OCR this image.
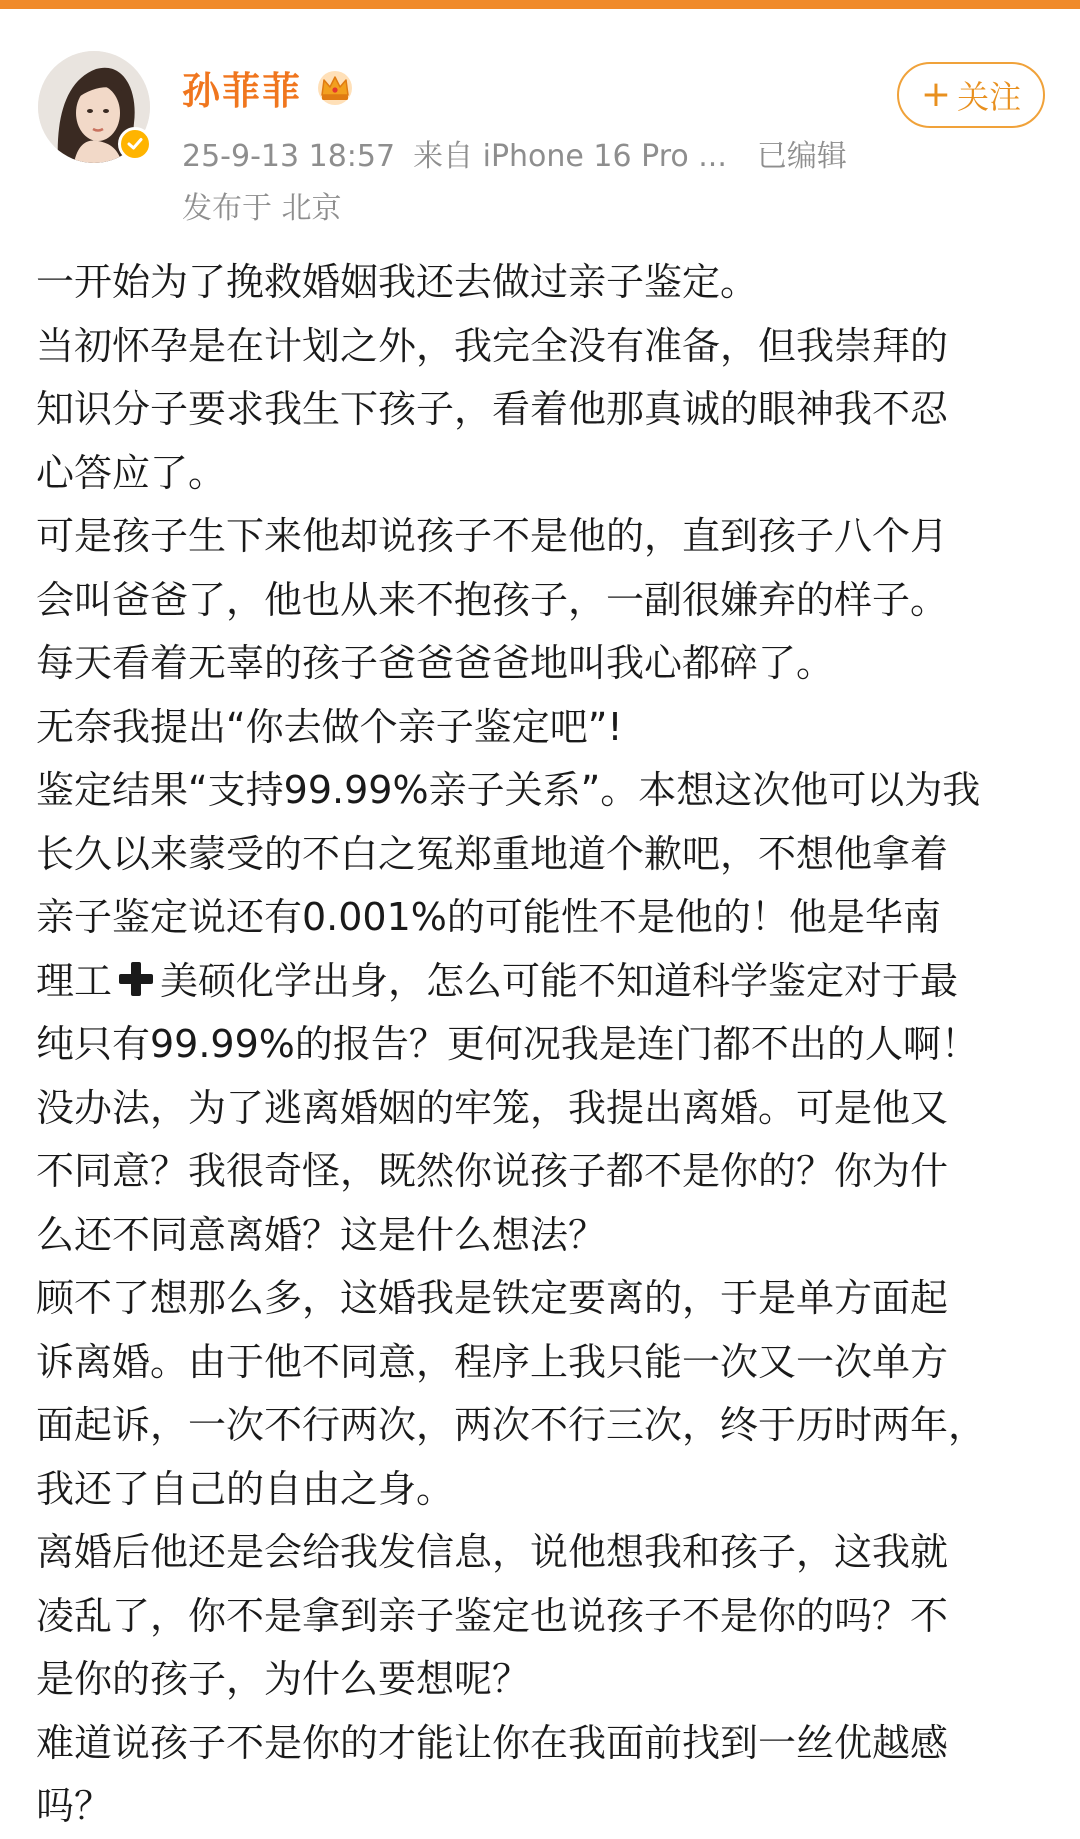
孙菲菲
25-9-13 18:57 来自 iPhone 16 Pro ... 已编辑
发布于 北京
+ 关注
一开始为了挽救婚姻我还去做过亲子鉴定。
当初怀孕是在计划之外，我完全没有准备，但我崇拜的
知识分子要求我生下孩子，看着他那真诚的眼神我不忍
心答应了。
可是孩子生下来他却说孩子不是他的，直到孩子八个月
会叫爸爸了，他也从来不抱孩子，一副很嫌弃的样子。
每天看着无辜的孩子爸爸爸爸地叫我心都碎了。
无奈我提出“你去做个亲子鉴定吧”!
鉴定结果“支持99.99%亲子关系”。本想这次他可以为我
长久以来蒙受的不白之冤郑重地道个歉吧，不想他拿着
亲子鉴定说还有0.001%的可能性不是他的！他是华南
理工 美硕化学出身，怎么可能不知道科学鉴定对于最
纯只有99.99%的报告？更何况我是连门都不出的人啊！
没办法，为了逃离婚姻的牢笼，我提出离婚。可是他又
不同意？我很奇怪，既然你说孩子都不是你的？你为什
么还不同意离婚？这是什么想法？
顾不了想那么多，这婚我是铁定要离的，于是单方面起
诉离婚。由于他不同意，程序上我只能一次又一次单方
面起诉，一次不行两次，两次不行三次，终于历时两年，
我还了自己的自由之身。
离婚后他还是会给我发信息，说他想我和孩子，这我就
凌乱了，你不是拿到亲子鉴定也说孩子不是你的吗？不
是你的孩子，为什么要想呢？
难道说孩子不是你的才能让你在我面前找到一丝优越感
吗？
